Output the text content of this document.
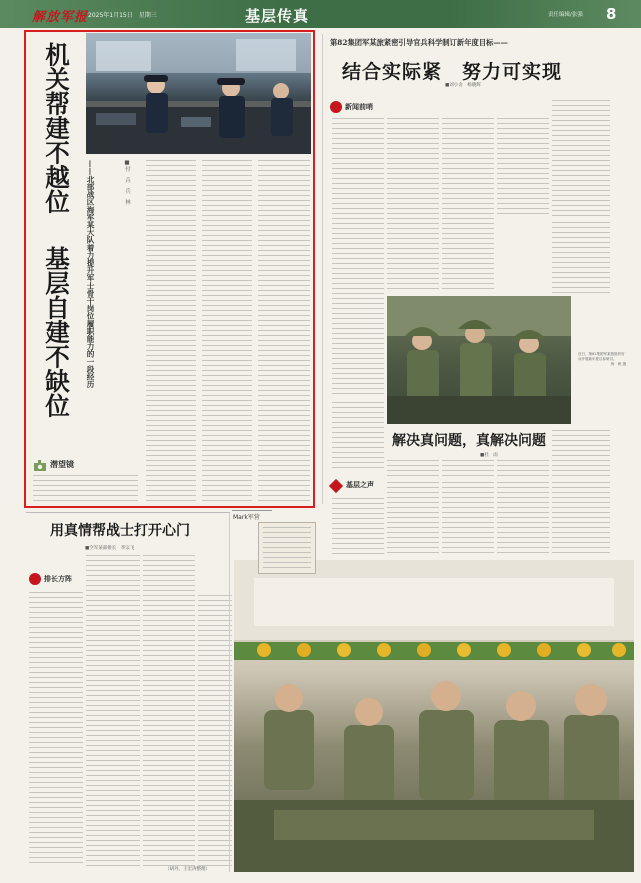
解放军报 2025年1月15日　星期三	基层传真	责任编辑/张强 8
机关帮建不越位
基层自建不缺位 ——北部战区海军某大队着力提升军士骨干岗位履职能力的一段经历	■付　垚　兵　林
潜望镜
第82集团军某旅紧密引导官兵科学制订新年度目标——
结合实际紧　努力可实现
■刘小舍　杨晓辉
新闻前哨
近日，第82集团军某旅组织官兵开展新年度目标研讨。
杨　帆 摄
解决真问题，真解决问题
■杜　雨
基层之声
用真情帮战士打开心门
■空军某部排长　李宗飞
Mark军营
排长方阵
（胡丹、王宏涛整理）
